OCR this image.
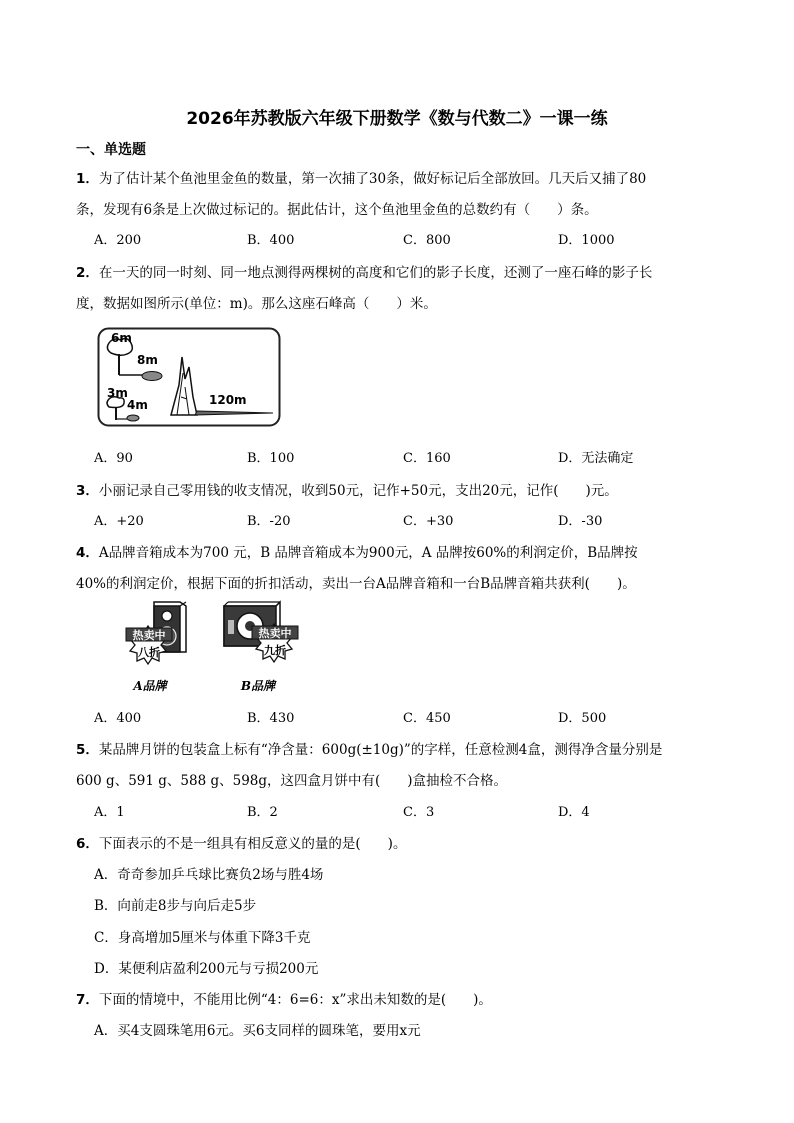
2026年苏教版六年级下册数学《数与代数二》一课一练
一、单选题
1．为了估计某个鱼池里金鱼的数量，第一次捕了30条，做好标记后全部放回。几天后又捕了80
条，发现有6条是上次做过标记的。据此估计，这个鱼池里金鱼的总数约有（　　）条。
A．200	B．400	C．800	D．1000
2．在一天的同一时刻、同一地点测得两棵树的高度和它们的影子长度，还测了一座石峰的影子长
度，数据如图所示(单位：m)。那么这座石峰高（　　）米。
6m
8m
3m
4m	120m
A．90	B．100	C．160	D．无法确定
3．小丽记录自己零用钱的收支情况，收到50元，记作+50元，支出20元，记作(　　)元。
A．+20	B．-20	C．+30	D．-30
4．A品牌音箱成本为700 元，B 品牌音箱成本为900元，A 品牌按60%的利润定价，B品牌按
40%的利润定价，根据下面的折扣活动，卖出一台A品牌音箱和一台B品牌音箱共获利(　　)。
热卖中
八折
A品牌
热卖中
九折
B品牌
A．400	B．430	C．450	D．500
5．某品牌月饼的包装盒上标有“净含量：600g(±10g)”的字样，任意检测4盒，测得净含量分别是
600 g、591 g、588 g、598g，这四盒月饼中有(　　)盒抽检不合格。
A．1	B．2	C．3	D．4
6．下面表示的不是一组具有相反意义的量的是(　　)。
A．奇奇参加乒乓球比赛负2场与胜4场
B．向前走8步与向后走5步
C．身高增加5厘米与体重下降3千克
D．某便利店盈利200元与亏损200元
7．下面的情境中，不能用比例“4：6=6：x”求出未知数的是(　　)。
A．买4支圆珠笔用6元。买6支同样的圆珠笔，要用x元
